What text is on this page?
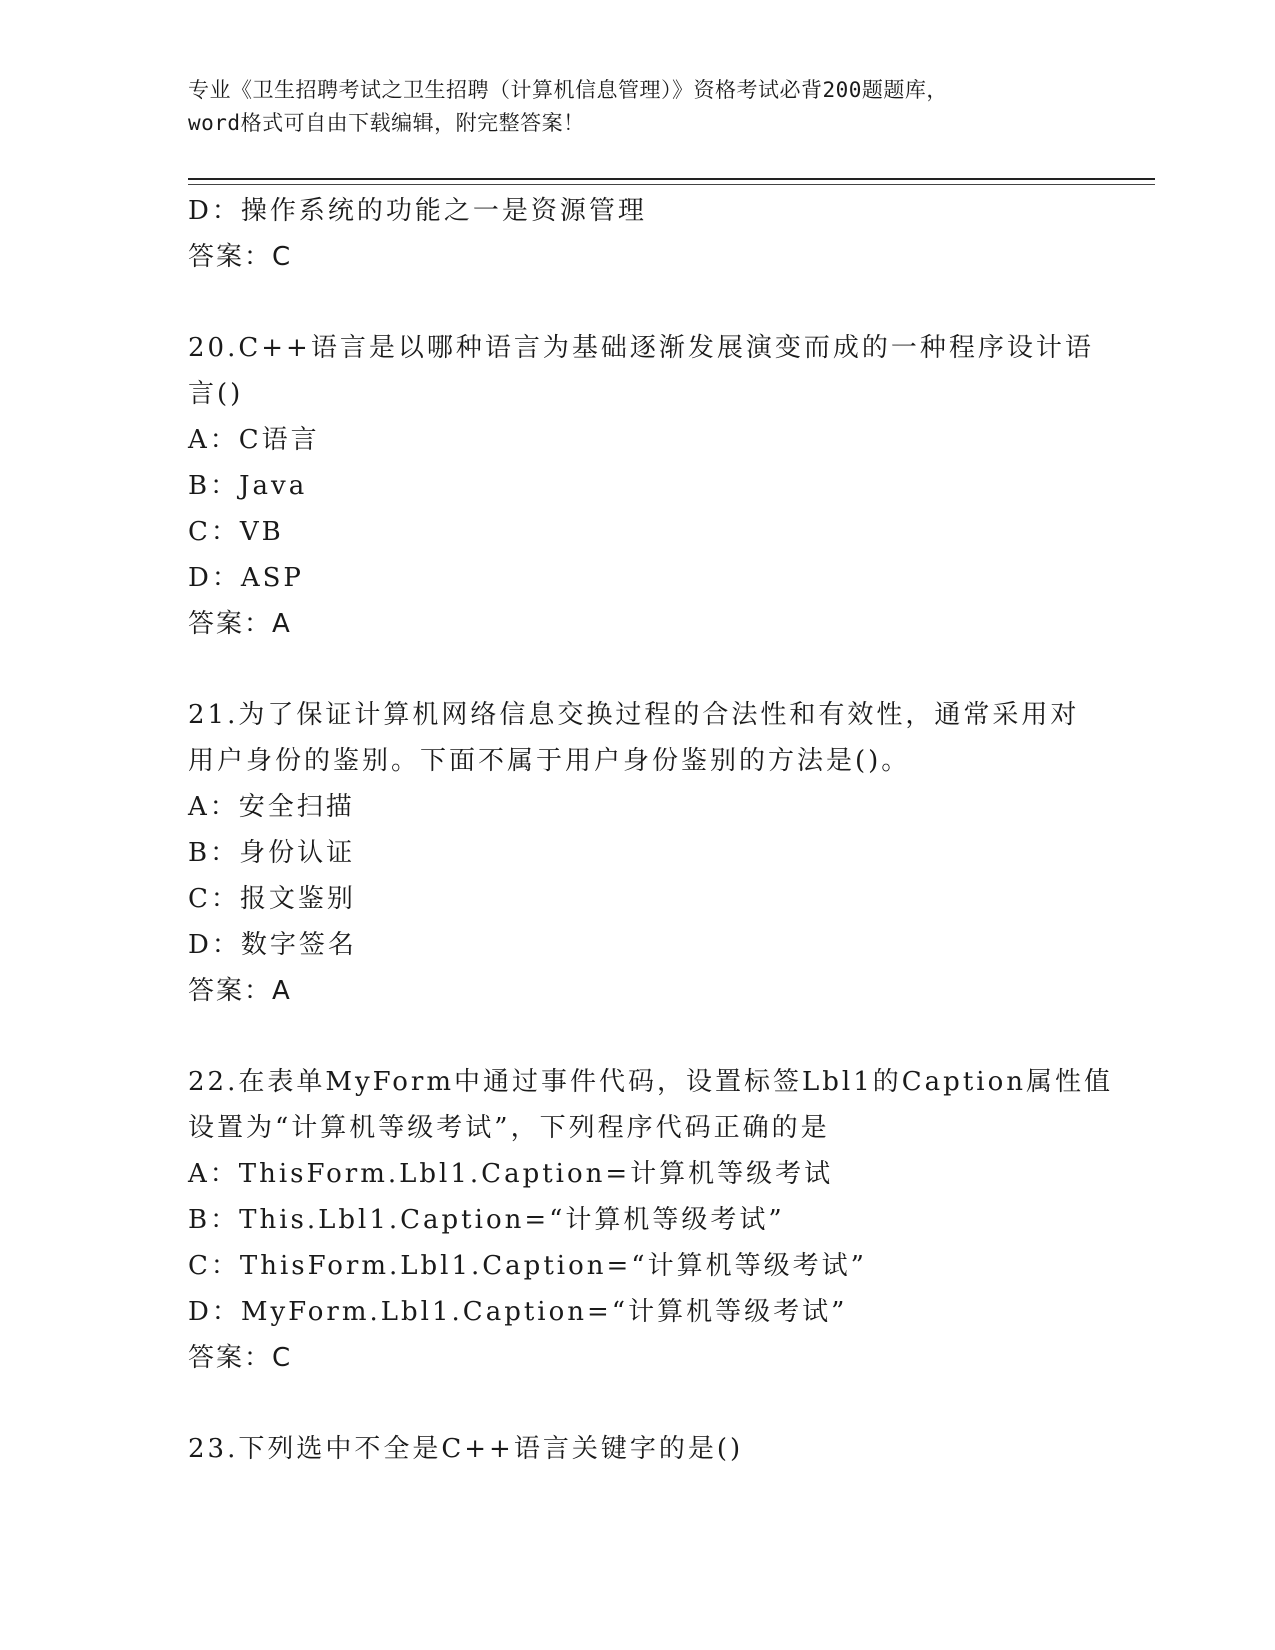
专业《卫生招聘考试之卫生招聘（计算机信息管理）》资格考试必背200题题库，
word格式可自由下载编辑，附完整答案！
D：操作系统的功能之一是资源管理
答案：C
20.C++语言是以哪种语言为基础逐渐发展演变而成的一种程序设计语
言()
A：C语言
B：Java
C：VB
D：ASP
答案：A
21.为了保证计算机网络信息交换过程的合法性和有效性，通常采用对
用户身份的鉴别。下面不属于用户身份鉴别的方法是()。
A：安全扫描
B：身份认证
C：报文鉴别
D：数字签名
答案：A
22.在表单MyForm中通过事件代码，设置标签Lbl1的Caption属性值
设置为“计算机等级考试”，下列程序代码正确的是
A：ThisForm.Lbl1.Caption=计算机等级考试
B：This.Lbl1.Caption=“计算机等级考试”
C：ThisForm.Lbl1.Caption=“计算机等级考试”
D：MyForm.Lbl1.Caption=“计算机等级考试”
答案：C
23.下列选中不全是C++语言关键字的是()
